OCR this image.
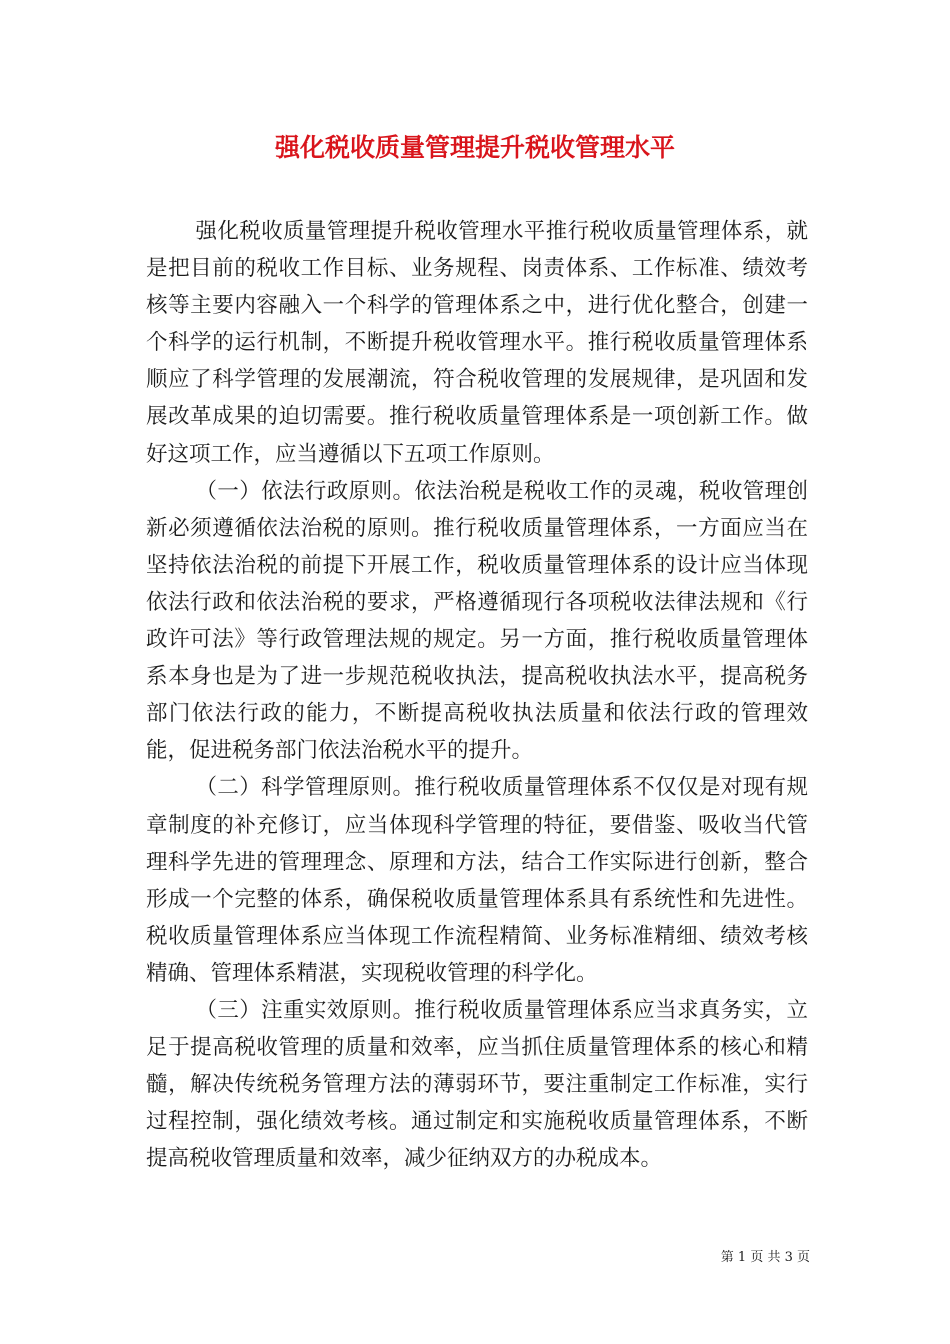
强化税收质量管理提升税收管理水平

强化税收质量管理提升税收管理水平推行税收质量管理体系，就是把目前的税收工作目标、业务规程、岗责体系、工作标准、绩效考核等主要内容融入一个科学的管理体系之中，进行优化整合，创建一个科学的运行机制，不断提升税收管理水平。推行税收质量管理体系顺应了科学管理的发展潮流，符合税收管理的发展规律，是巩固和发展改革成果的迫切需要。推行税收质量管理体系是一项创新工作。做好这项工作，应当遵循以下五项工作原则。

（一）依法行政原则。依法治税是税收工作的灵魂，税收管理创新必须遵循依法治税的原则。推行税收质量管理体系，一方面应当在坚持依法治税的前提下开展工作，税收质量管理体系的设计应当体现依法行政和依法治税的要求，严格遵循现行各项税收法律法规和《行政许可法》等行政管理法规的规定。另一方面，推行税收质量管理体系本身也是为了进一步规范税收执法，提高税收执法水平，提高税务部门依法行政的能力，不断提高税收执法质量和依法行政的管理效能，促进税务部门依法治税水平的提升。

（二）科学管理原则。推行税收质量管理体系不仅仅是对现有规章制度的补充修订，应当体现科学管理的特征，要借鉴、吸收当代管理科学先进的管理理念、原理和方法，结合工作实际进行创新，整合形成一个完整的体系，确保税收质量管理体系具有系统性和先进性。税收质量管理体系应当体现工作流程精简、业务标准精细、绩效考核精确、管理体系精湛，实现税收管理的科学化。

（三）注重实效原则。推行税收质量管理体系应当求真务实，立足于提高税收管理的质量和效率，应当抓住质量管理体系的核心和精髓，解决传统税务管理方法的薄弱环节，要注重制定工作标准，实行过程控制，强化绩效考核。通过制定和实施税收质量管理体系，不断提高税收管理质量和效率，减少征纳双方的办税成本。

第 1 页 共 3 页
